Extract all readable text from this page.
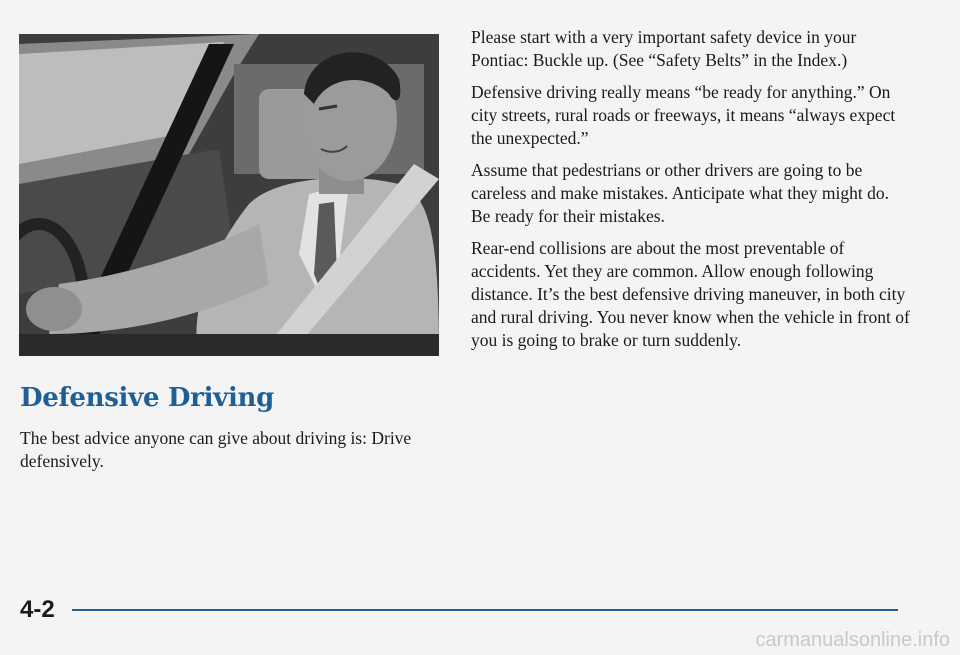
Defensive Driving

The best advice anyone can give about driving is: Drive defensively.

Please start with a very important safety device in your Pontiac: Buckle up. (See “Safety Belts” in the Index.)

Defensive driving really means “be ready for anything.” On city streets, rural roads or freeways, it means “always expect the unexpected.”

Assume that pedestrians or other drivers are going to be careless and make mistakes. Anticipate what they might do. Be ready for their mistakes.

Rear-end collisions are about the most preventable of accidents. Yet they are common. Allow enough following distance. It’s the best defensive driving maneuver, in both city and rural driving. You never know when the vehicle in front of you is going to brake or turn suddenly.

4-2
carmanualsonline.info
